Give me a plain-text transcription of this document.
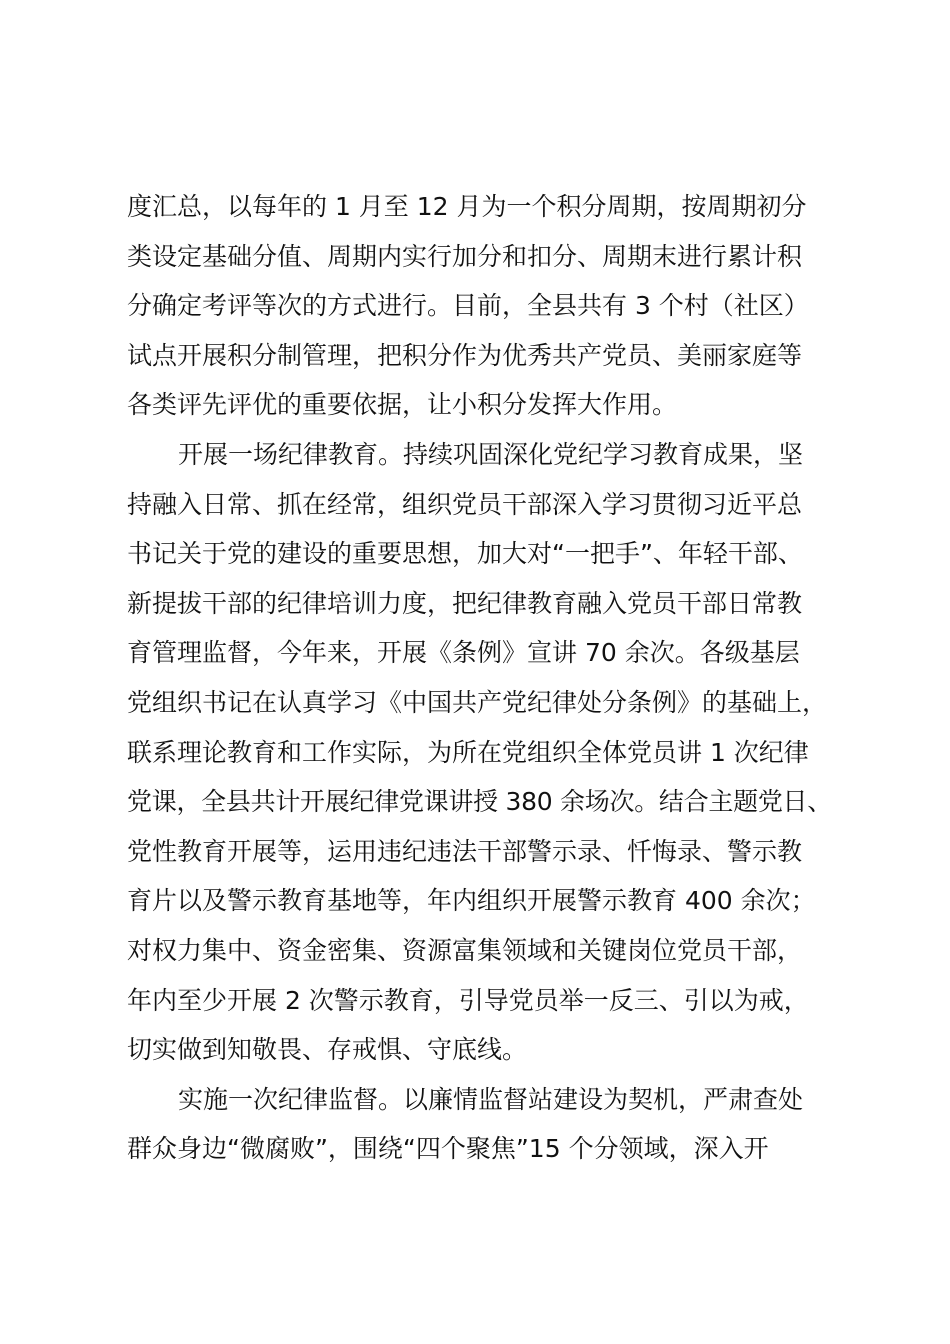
度汇总，以每年的 1 月至 12 月为一个积分周期，按周期初分
类设定基础分值、周期内实行加分和扣分、周期末进行累计积
分确定考评等次的方式进行。目前，全县共有 3 个村（社区）
试点开展积分制管理，把积分作为优秀共产党员、美丽家庭等
各类评先评优的重要依据，让小积分发挥大作用。
开展一场纪律教育。持续巩固深化党纪学习教育成果，坚
持融入日常、抓在经常，组织党员干部深入学习贯彻习近平总
书记关于党的建设的重要思想，加大对“一把手”、年轻干部、
新提拔干部的纪律培训力度，把纪律教育融入党员干部日常教
育管理监督，今年来，开展《条例》宣讲 70 余次。各级基层
党组织书记在认真学习《中国共产党纪律处分条例》的基础上，
联系理论教育和工作实际，为所在党组织全体党员讲 1 次纪律
党课，全县共计开展纪律党课讲授 380 余场次。结合主题党日、
党性教育开展等，运用违纪违法干部警示录、忏悔录、警示教
育片以及警示教育基地等，年内组织开展警示教育 400 余次；
对权力集中、资金密集、资源富集领域和关键岗位党员干部，
年内至少开展 2 次警示教育，引导党员举一反三、引以为戒，
切实做到知敬畏、存戒惧、守底线。
实施一次纪律监督。以廉情监督站建设为契机，严肃查处
群众身边“微腐败”，围绕“四个聚焦”15 个分领域，深入开
